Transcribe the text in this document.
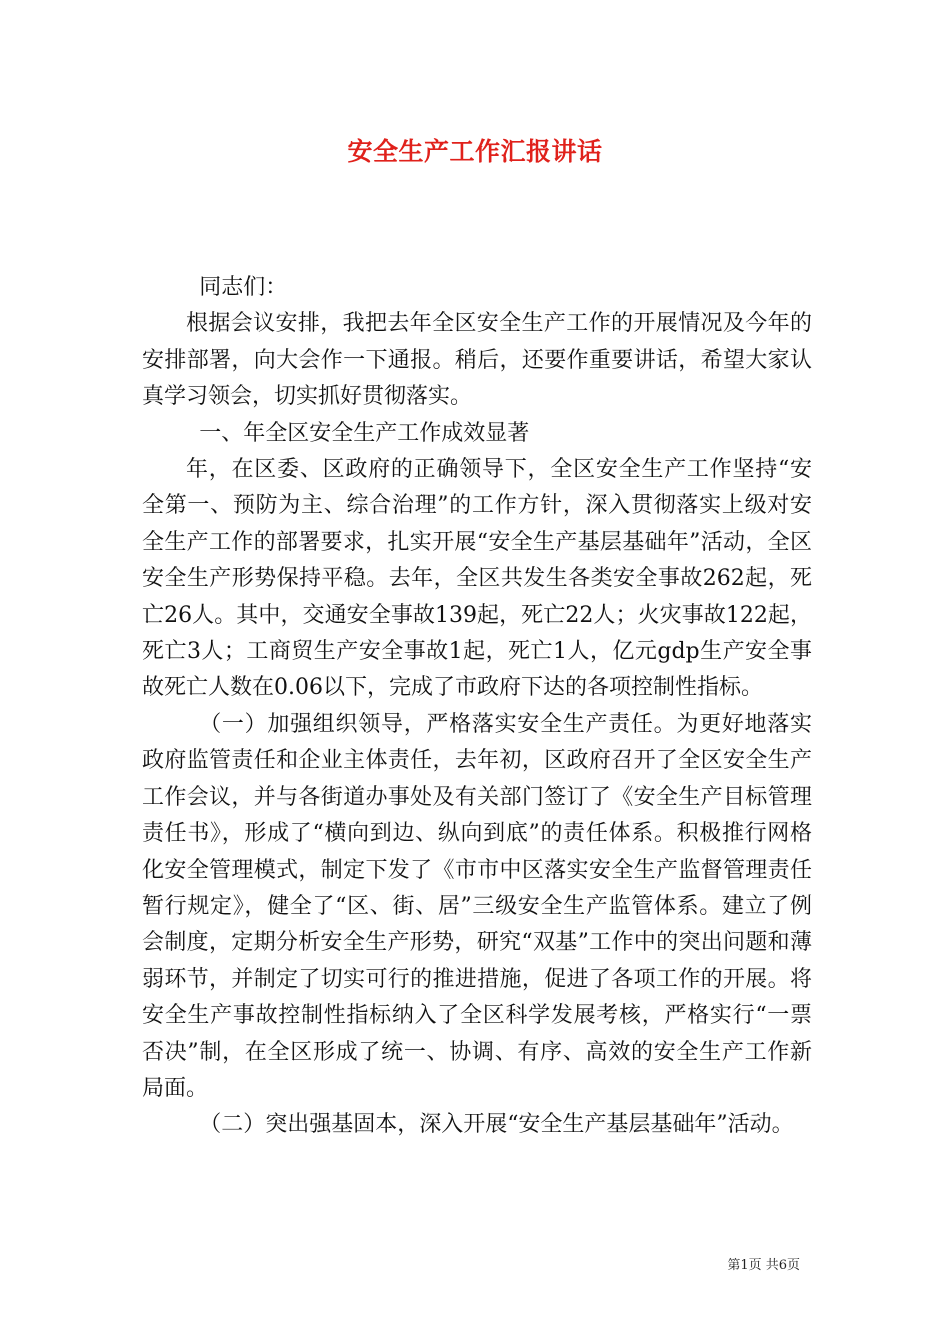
安全生产工作汇报讲话

同志们：

根据会议安排，我把去年全区安全生产工作的开展情况及今年的安排部署，向大会作一下通报。稍后，还要作重要讲话，希望大家认真学习领会，切实抓好贯彻落实。

一、年全区安全生产工作成效显著

年，在区委、区政府的正确领导下，全区安全生产工作坚持“安全第一、预防为主、综合治理”的工作方针，深入贯彻落实上级对安全生产工作的部署要求，扎实开展“安全生产基层基础年”活动，全区安全生产形势保持平稳。去年，全区共发生各类安全事故262起，死亡26人。其中，交通安全事故139起，死亡22人；火灾事故122起，死亡3人；工商贸生产安全事故1起，死亡1人，亿元gdp生产安全事故死亡人数在0.06以下，完成了市政府下达的各项控制性指标。

（一）加强组织领导，严格落实安全生产责任。为更好地落实政府监管责任和企业主体责任，去年初，区政府召开了全区安全生产工作会议，并与各街道办事处及有关部门签订了《安全生产目标管理责任书》，形成了“横向到边、纵向到底”的责任体系。积极推行网格化安全管理模式，制定下发了《市市中区落实安全生产监督管理责任暂行规定》，健全了“区、街、居”三级安全生产监管体系。建立了例会制度，定期分析安全生产形势，研究“双基”工作中的突出问题和薄弱环节，并制定了切实可行的推进措施，促进了各项工作的开展。将安全生产事故控制性指标纳入了全区科学发展考核，严格实行“一票否决”制，在全区形成了统一、协调、有序、高效的安全生产工作新局面。

（二）突出强基固本，深入开展“安全生产基层基础年”活动。

第1页 共6页
